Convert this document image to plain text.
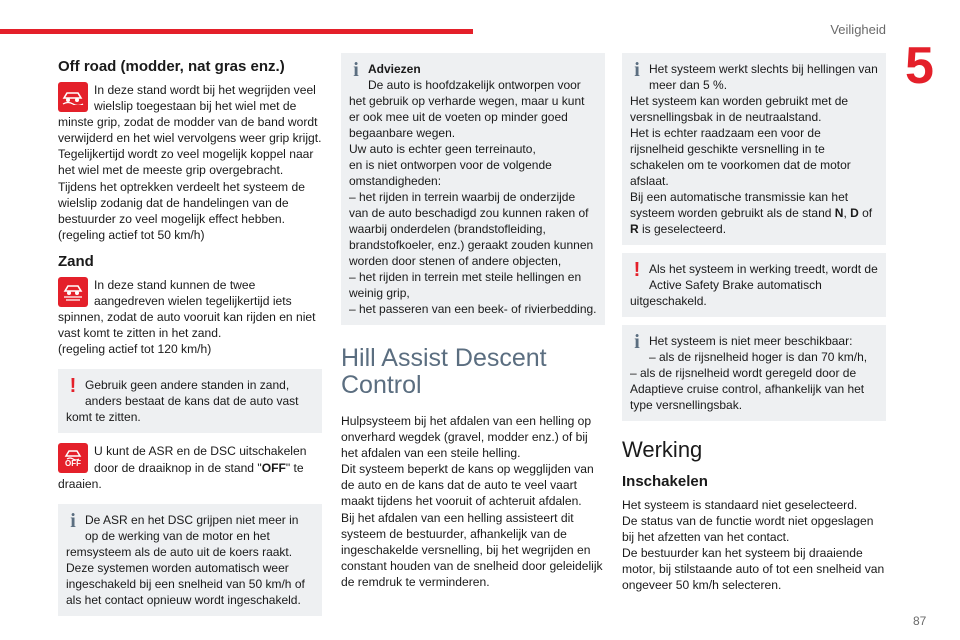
Veiligheid
5
87
Off road (modder, nat gras enz.)

In deze stand wordt bij het wegrijden veel wielslip toegestaan bij het wiel met de minste grip, zodat de modder van de band wordt verwijderd en het wiel vervolgens weer grip krijgt. Tegelijkertijd wordt zo veel mogelijk koppel naar het wiel met de meeste grip overgebracht. Tijdens het optrekken verdeelt het systeem de wielslip zodanig dat de handelingen van de bestuurder zo veel mogelijk effect hebben.

(regeling actief tot 50 km/h)

Zand

In deze stand kunnen de twee aangedreven wielen tegelijkertijd iets spinnen, zodat de auto vooruit kan rijden en niet vast komt te zitten in het zand.

(regeling actief tot 120 km/h)

! Gebruik geen andere standen in zand, anders bestaat de kans dat de auto vast komt te zitten.

OFF

U kunt de ASR en de DSC uitschakelen door de draaiknop in de stand "OFF" te draaien.

i De ASR en het DSC grijpen niet meer in op de werking van de motor en het remsysteem als de auto uit de koers raakt. Deze systemen worden automatisch weer ingeschakeld bij een snelheid van 50 km/h of als het contact opnieuw wordt ingeschakeld.

i Adviezen

De auto is hoofdzakelijk ontworpen voor het gebruik op verharde wegen, maar u kunt er ook mee uit de voeten op minder goed begaanbare wegen.

Uw auto is echter geen terreinauto,

en is niet ontworpen voor de volgende omstandigheden:

– het rijden in terrein waarbij de onderzijde van de auto beschadigd zou kunnen raken of waarbij onderdelen (brandstofleiding, brandstofkoeler, enz.) geraakt zouden kunnen worden door stenen of andere objecten,

– het rijden in terrein met steile hellingen en weinig grip,

– het passeren van een beek- of rivierbedding.

Hill Assist Descent Control

Hulpsysteem bij het afdalen van een helling op onverhard wegdek (gravel, modder enz.) of bij het afdalen van een steile helling.

Dit systeem beperkt de kans op wegglijden van de auto en de kans dat de auto te veel vaart maakt tijdens het vooruit of achteruit afdalen.

Bij het afdalen van een helling assisteert dit systeem de bestuurder, afhankelijk van de ingeschakelde versnelling, bij het wegrijden en constant houden van de snelheid door geleidelijk de remdruk te verminderen.

i Het systeem werkt slechts bij hellingen van meer dan 5 %.

Het systeem kan worden gebruikt met de versnellingsbak in de neutraalstand.

Het is echter raadzaam een voor de rijsnelheid geschikte versnelling in te schakelen om te voorkomen dat de motor afslaat.

Bij een automatische transmissie kan het systeem worden gebruikt als de stand N, D of R is geselecteerd.

! Als het systeem in werking treedt, wordt de Active Safety Brake automatisch uitgeschakeld.

i Het systeem is niet meer beschikbaar:

– als de rijsnelheid hoger is dan 70 km/h,

– als de rijsnelheid wordt geregeld door de Adaptieve cruise control, afhankelijk van het type versnellingsbak.

Werking
Inschakelen

Het systeem is standaard niet geselecteerd.

De status van de functie wordt niet opgeslagen bij het afzetten van het contact.

De bestuurder kan het systeem bij draaiende motor, bij stilstaande auto of tot een snelheid van ongeveer 50 km/h selecteren.
